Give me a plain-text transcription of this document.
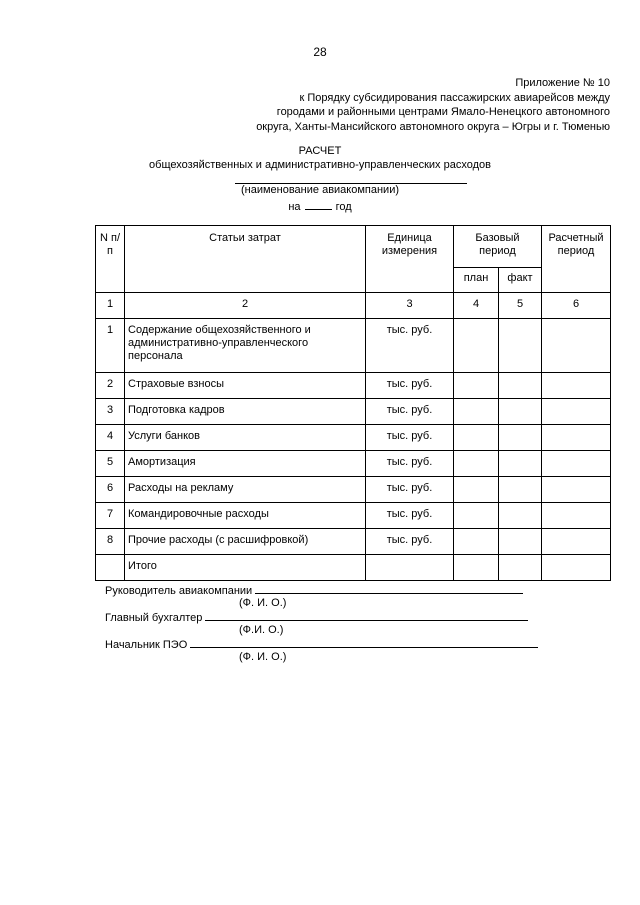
28
Приложение № 10
к Порядку субсидирования пассажирских авиарейсов между
городами и районными центрами Ямало-Ненецкого автономного
округа, Ханты-Мансийского автономного округа – Югры и г. Тюменью
РАСЧЕТ
общехозяйственных и административно-управленческих расходов
(наименование авиакомпании)
на	год
N п/п	Статьи затрат	Единица измерения	Базовый период		Расчетный период
			план	факт	
1	2	3	4	5	6
1	Содержание общехозяйственного и административно-управленческого персонала	тыс. руб.			
2	Страховые взносы	тыс. руб.			
3	Подготовка кадров	тыс. руб.			
4	Услуги банков	тыс. руб.			
5	Амортизация	тыс. руб.			
6	Расходы на рекламу	тыс. руб.			
7	Командировочные расходы	тыс. руб.			
8	Прочие расходы (с расшифровкой)	тыс. руб.			
	Итого				
Руководитель авиакомпании
(Ф. И. О.)
Главный бухгалтер
(Ф.И. О.)
Начальник ПЭО
(Ф. И. О.)
